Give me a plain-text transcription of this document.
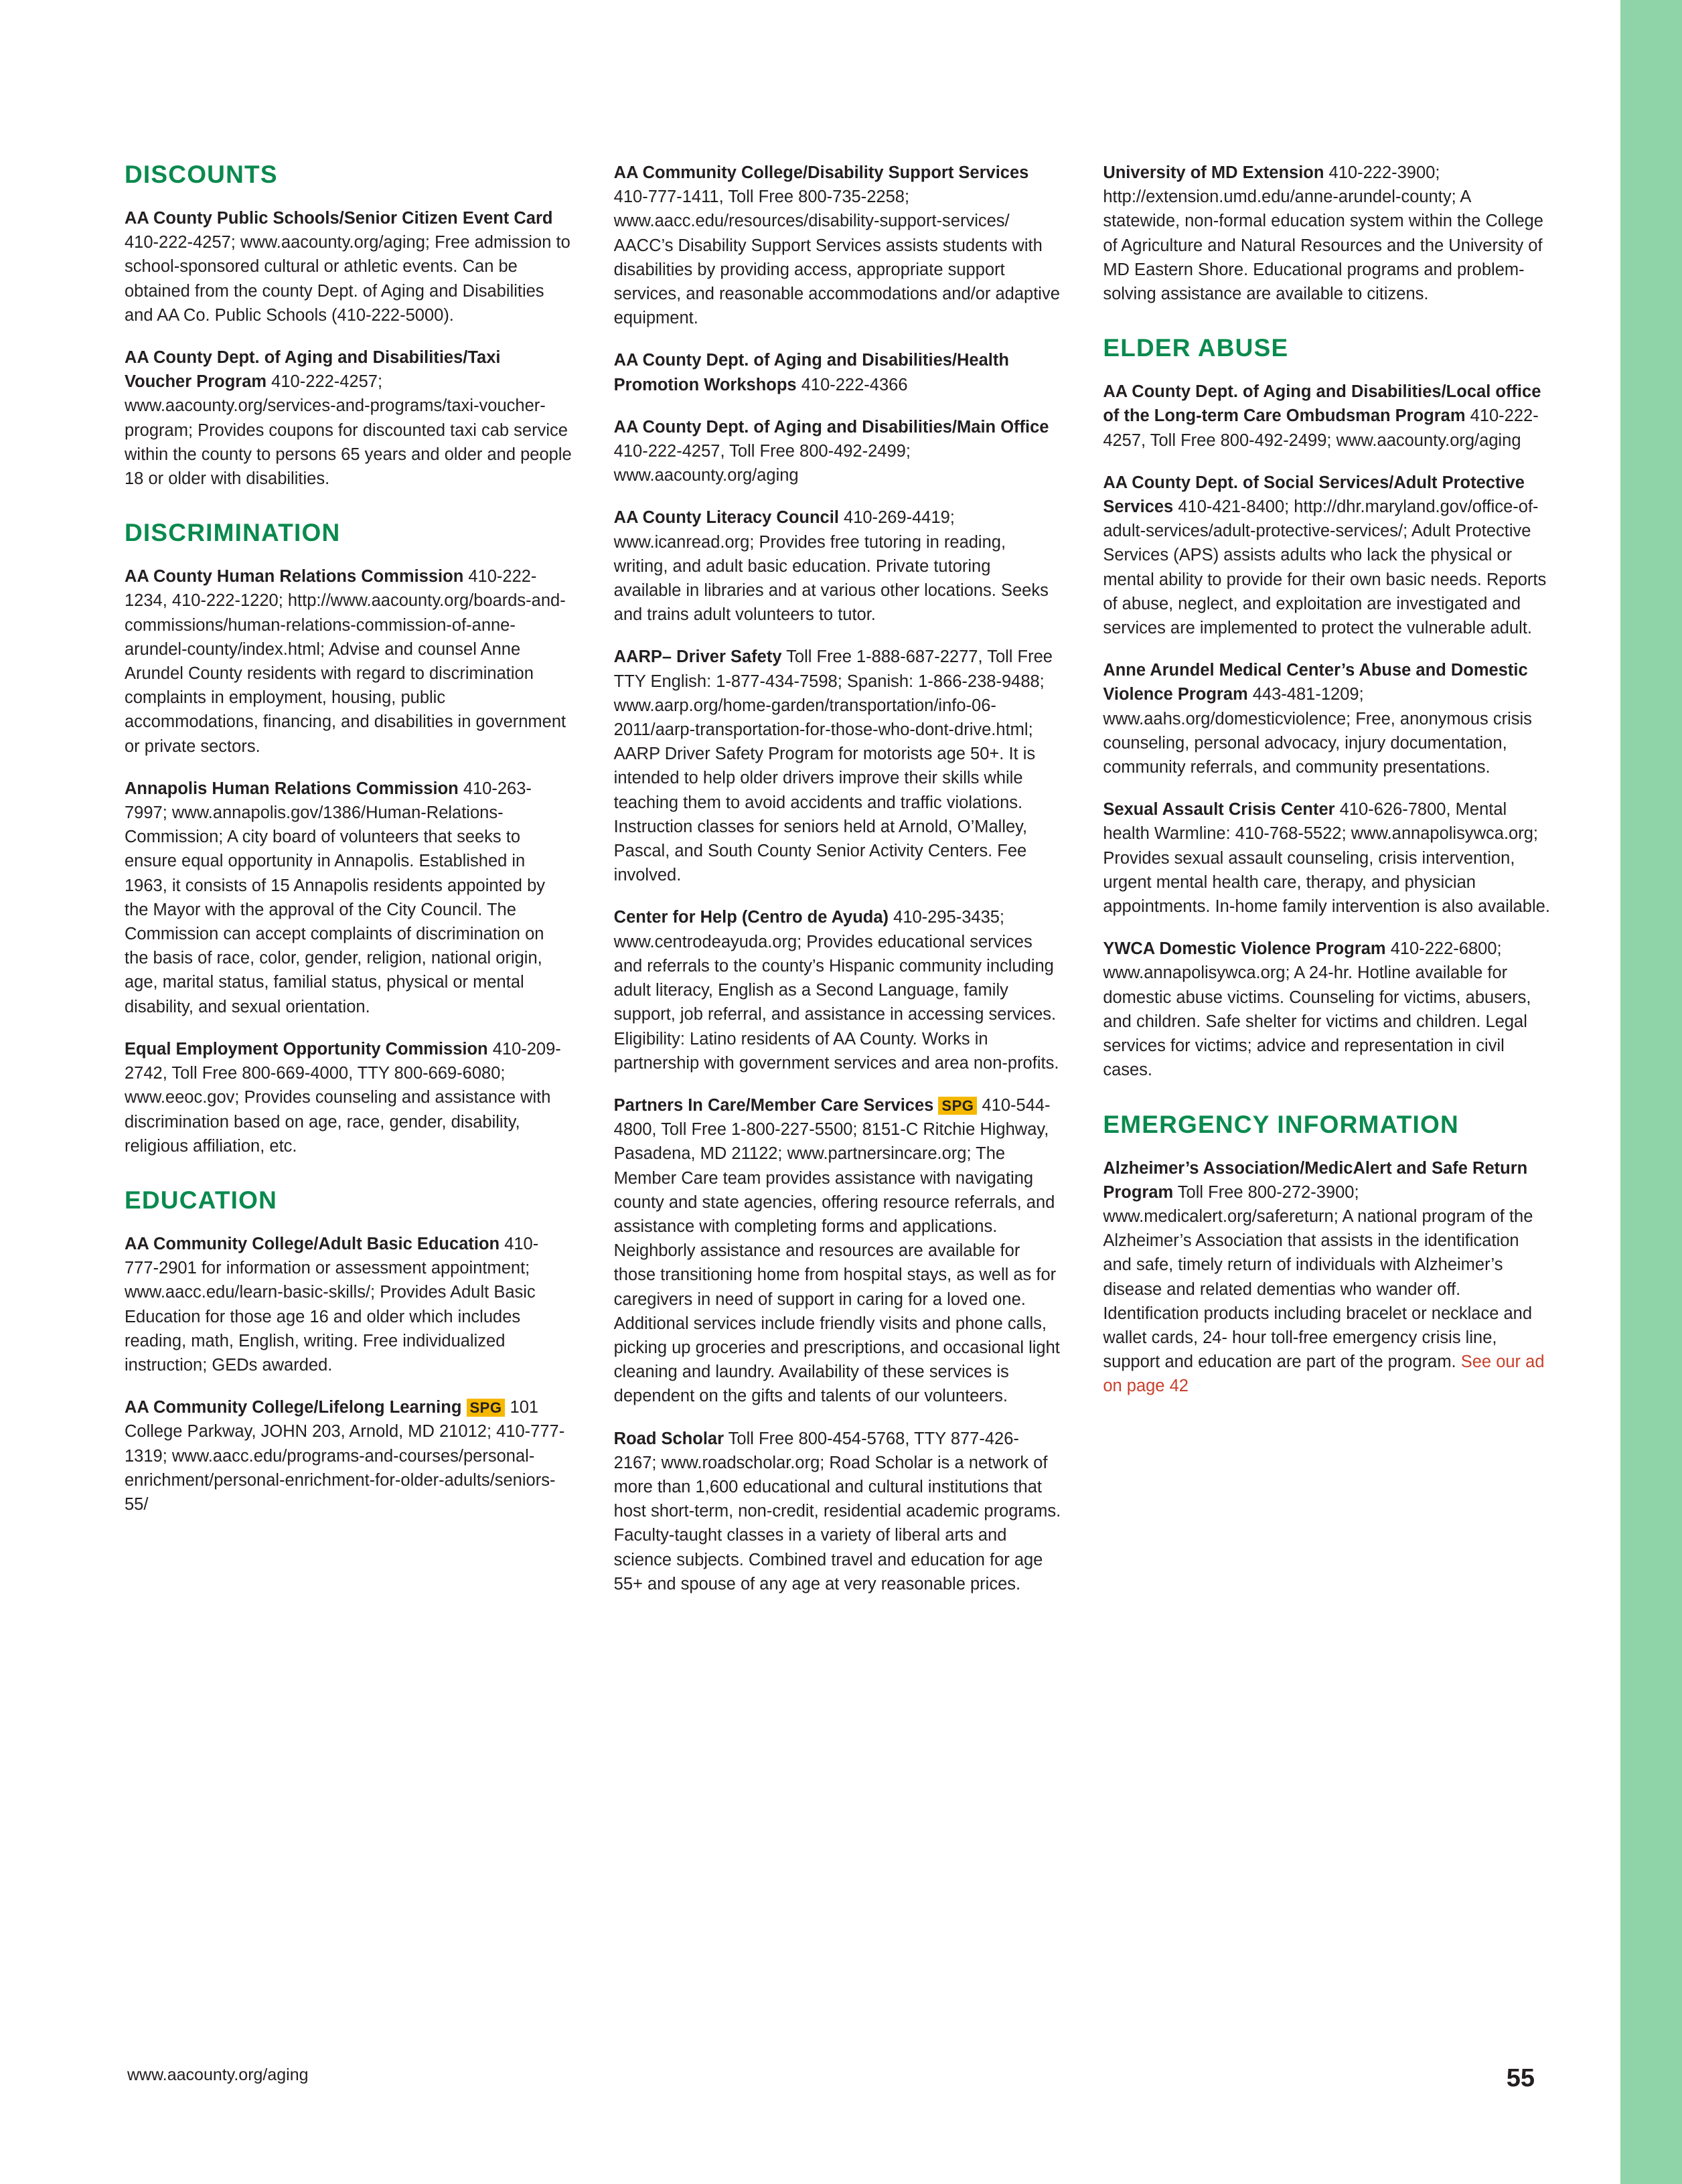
DISCOUNTS

AA County Public Schools/Senior Citizen Event Card 410-222-4257; www.aacounty.org/aging; Free admission to school-sponsored cultural or athletic events. Can be obtained from the county Dept. of Aging and Disabilities and AA Co. Public Schools (410-222-5000).

AA County Dept. of Aging and Disabilities/Taxi Voucher Program 410-222-4257; www.aacounty.org/services-and-programs/taxi-voucher-program; Provides coupons for discounted taxi cab service within the county to persons 65 years and older and people 18 or older with disabilities.

DISCRIMINATION

AA County Human Relations Commission 410-222-1234, 410-222-1220; http://www.aacounty.org/boards-and-commissions/human-relations-commission-of-anne-arundel-county/index.html; Advise and counsel Anne Arundel County residents with regard to discrimination complaints in employment, housing, public accommodations, financing, and disabilities in government or private sectors.

Annapolis Human Relations Commission 410-263-7997; www.annapolis.gov/1386/Human-Relations-Commission; A city board of volunteers that seeks to ensure equal opportunity in Annapolis. Established in 1963, it consists of 15 Annapolis residents appointed by the Mayor with the approval of the City Council. The Commission can accept complaints of discrimination on the basis of race, color, gender, religion, national origin, age, marital status, familial status, physical or mental disability, and sexual orientation.

Equal Employment Opportunity Commission 410-209-2742, Toll Free 800-669-4000, TTY 800-669-6080; www.eeoc.gov; Provides counseling and assistance with discrimination based on age, race, gender, disability, religious affiliation, etc.

EDUCATION

AA Community College/Adult Basic Education 410-777-2901 for information or assessment appointment; www.aacc.edu/learn-basic-skills/; Provides Adult Basic Education for those age 16 and older which includes reading, math, English, writing. Free individualized instruction; GEDs awarded.

AA Community College/Lifelong Learning SPG 101 College Parkway, JOHN 203, Arnold, MD 21012; 410-777-1319; www.aacc.edu/programs-and-courses/personal-enrichment/personal-enrichment-for-older-adults/seniors-55/

AA Community College/Disability Support Services 410-777-1411, Toll Free 800-735-2258; www.aacc.edu/resources/disability-support-services/ AACC’s Disability Support Services assists students with disabilities by providing access, appropriate support services, and reasonable accommodations and/or adaptive equipment.

AA County Dept. of Aging and Disabilities/Health Promotion Workshops 410-222-4366

AA County Dept. of Aging and Disabilities/Main Office 410-222-4257, Toll Free 800-492-2499; www.aacounty.org/aging

AA County Literacy Council 410-269-4419; www.icanread.org; Provides free tutoring in reading, writing, and adult basic education. Private tutoring available in libraries and at various other locations. Seeks and trains adult volunteers to tutor.

AARP– Driver Safety Toll Free 1-888-687-2277, Toll Free TTY English: 1-877-434-7598; Spanish: 1-866-238-9488; www.aarp.org/home-garden/transportation/info-06-2011/aarp-transportation-for-those-who-dont-drive.html; AARP Driver Safety Program for motorists age 50+. It is intended to help older drivers improve their skills while teaching them to avoid accidents and traffic violations. Instruction classes for seniors held at Arnold, O’Malley, Pascal, and South County Senior Activity Centers. Fee involved.

Center for Help (Centro de Ayuda) 410-295-3435; www.centrodeayuda.org; Provides educational services and referrals to the county’s Hispanic community including adult literacy, English as a Second Language, family support, job referral, and assistance in accessing services. Eligibility: Latino residents of AA County. Works in partnership with government services and area non-profits.

Partners In Care/Member Care Services SPG 410-544-4800, Toll Free 1-800-227-5500; 8151-C Ritchie Highway, Pasadena, MD 21122; www.partnersincare.org; The Member Care team provides assistance with navigating county and state agencies, offering resource referrals, and assistance with completing forms and applications. Neighborly assistance and resources are available for those transitioning home from hospital stays, as well as for caregivers in need of support in caring for a loved one. Additional services include friendly visits and phone calls, picking up groceries and prescriptions, and occasional light cleaning and laundry. Availability of these services is dependent on the gifts and talents of our volunteers.

Road Scholar Toll Free 800-454-5768, TTY 877-426-2167; www.roadscholar.org; Road Scholar is a network of more than 1,600 educational and cultural institutions that host short-term, non-credit, residential academic programs. Faculty-taught classes in a variety of liberal arts and science subjects. Combined travel and education for age 55+ and spouse of any age at very reasonable prices.

University of MD Extension 410-222-3900; http://extension.umd.edu/anne-arundel-county; A statewide, non-formal education system within the College of Agriculture and Natural Resources and the University of MD Eastern Shore. Educational programs and problem-solving assistance are available to citizens.

ELDER ABUSE

AA County Dept. of Aging and Disabilities/Local office of the Long-term Care Ombudsman Program 410-222-4257, Toll Free 800-492-2499; www.aacounty.org/aging

AA County Dept. of Social Services/Adult Protective Services 410-421-8400; http://dhr.maryland.gov/office-of-adult-services/adult-protective-services/; Adult Protective Services (APS) assists adults who lack the physical or mental ability to provide for their own basic needs. Reports of abuse, neglect, and exploitation are investigated and services are implemented to protect the vulnerable adult.

Anne Arundel Medical Center’s Abuse and Domestic Violence Program 443-481-1209; www.aahs.org/domesticviolence; Free, anonymous crisis counseling, personal advocacy, injury documentation, community referrals, and community presentations.

Sexual Assault Crisis Center 410-626-7800, Mental health Warmline: 410-768-5522; www.annapolisywca.org; Provides sexual assault counseling, crisis intervention, urgent mental health care, therapy, and physician appointments. In-home family intervention is also available.

YWCA Domestic Violence Program 410-222-6800; www.annapolisywca.org; A 24-hr. Hotline available for domestic abuse victims. Counseling for victims, abusers, and children. Safe shelter for victims and children. Legal services for victims; advice and representation in civil cases.

EMERGENCY INFORMATION

Alzheimer’s Association/MedicAlert and Safe Return Program Toll Free 800-272-3900; www.medicalert.org/safereturn; A national program of the Alzheimer’s Association that assists in the identification and safe, timely return of individuals with Alzheimer’s disease and related dementias who wander off. Identification products including bracelet or necklace and wallet cards, 24- hour toll-free emergency crisis line, support and education are part of the program. See our ad on page 42

www.aacounty.org/aging	55
